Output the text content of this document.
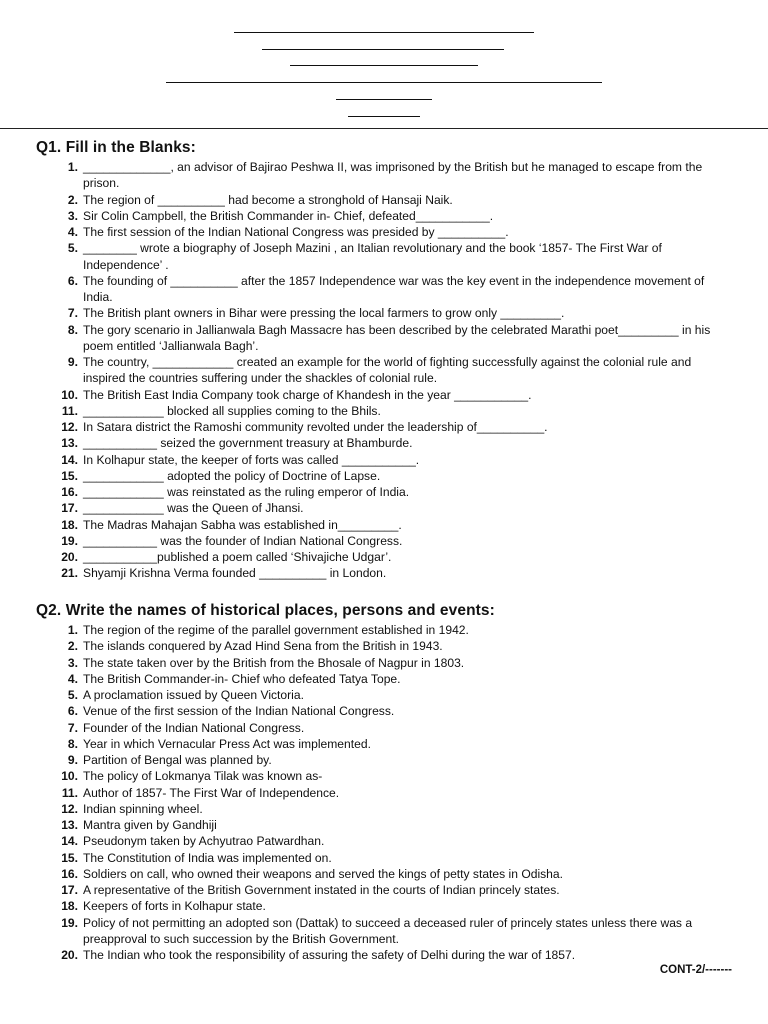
Q1. Fill in the Blanks:
1. _____________, an advisor of Bajirao Peshwa II, was imprisoned by the British but he managed to escape from the prison.
2. The region of __________ had become a stronghold of Hansaji Naik.
3. Sir Colin Campbell, the British Commander in- Chief, defeated___________.
4. The first session of the Indian National Congress was presided by __________.
5. ________ wrote a biography of Joseph Mazini , an Italian revolutionary and the book ‘1857- The First War of Independence’ .
6. The founding of __________ after the 1857 Independence war was the key event in the independence movement of India.
7. The British plant owners in Bihar were pressing the local farmers to grow only _________.
8. The gory scenario in Jallianwala Bagh Massacre has been described by the celebrated Marathi poet_________ in his poem entitled ‘Jallianwala Bagh’.
9. The country, ____________ created an example for the world of fighting successfully against the colonial rule and inspired the countries suffering under the shackles of colonial rule.
10. The British East India Company took charge of Khandesh in the year ___________.
11. ____________ blocked all supplies coming to the Bhils.
12. In Satara district the Ramoshi community revolted under the leadership of__________.
13. ___________ seized the government treasury at Bhamburde.
14. In Kolhapur state, the keeper of forts was called ___________.
15. ____________ adopted the policy of Doctrine of Lapse.
16. ____________ was reinstated as the ruling emperor of India.
17. ____________ was the Queen of Jhansi.
18. The Madras Mahajan Sabha was established in_________.
19. ___________ was the founder of Indian National Congress.
20. ___________published a poem called ‘Shivajiche Udgar’.
21. Shyamji Krishna Verma founded __________ in London.
Q2. Write the names of historical places, persons and events:
1. The region of the regime of the parallel government established in 1942.
2. The islands conquered by Azad Hind Sena from the British in 1943.
3. The state taken over by the British from the Bhosale of Nagpur in 1803.
4. The British Commander-in- Chief who defeated Tatya Tope.
5. A proclamation issued by Queen Victoria.
6. Venue of the first session of the Indian National Congress.
7. Founder of the Indian National Congress.
8. Year in which Vernacular Press Act was implemented.
9. Partition of Bengal was planned by.
10. The policy of Lokmanya Tilak was known as-
11. Author of 1857- The First War of Independence.
12. Indian spinning wheel.
13. Mantra given by Gandhiji
14. Pseudonym taken by Achyutrao Patwardhan.
15. The Constitution of India was implemented on.
16. Soldiers on call, who owned their weapons and served the kings of petty states in Odisha.
17. A representative of the British Government instated in the courts of Indian princely states.
18. Keepers of forts in Kolhapur state.
19. Policy of not permitting an adopted son (Dattak) to succeed a deceased ruler of princely states unless there was a preapproval to such succession by the British Government.
20. The Indian who took the responsibility of assuring the safety of Delhi during the war of 1857.
CONT-2/-------
